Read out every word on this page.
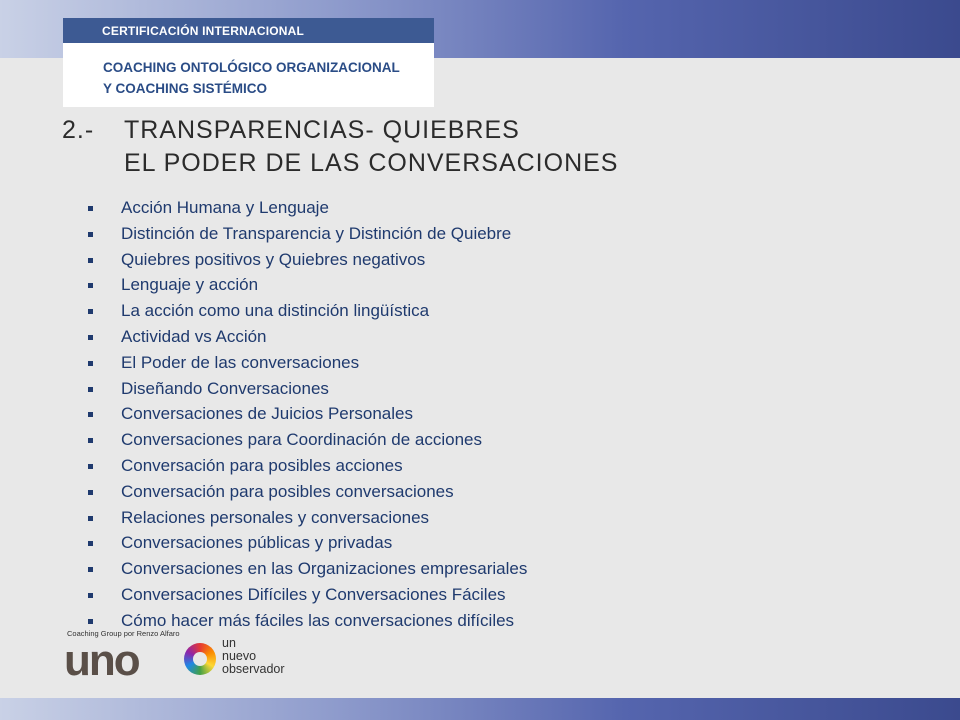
CERTIFICACIÓN INTERNACIONAL
COACHING ONTOLÓGICO ORGANIZACIONAL
Y COACHING SISTÉMICO
2.- TRANSPARENCIAS- QUIEBRES
EL PODER DE LAS CONVERSACIONES
Acción Humana y Lenguaje
Distinción de Transparencia y Distinción de Quiebre
Quiebres positivos y Quiebres negativos
Lenguaje y acción
La acción como una distinción lingüística
Actividad vs Acción
El Poder de las conversaciones
Diseñando Conversaciones
Conversaciones de Juicios Personales
Conversaciones para Coordinación de acciones
Conversación para posibles acciones
Conversación para posibles conversaciones
Relaciones personales y conversaciones
Conversaciones públicas y privadas
Conversaciones en las Organizaciones empresariales
Conversaciones Difíciles y Conversaciones Fáciles
Cómo hacer más fáciles las conversaciones difíciles
Coaching Group por Renzo Alfaro
uno	un
nuevo
observador
